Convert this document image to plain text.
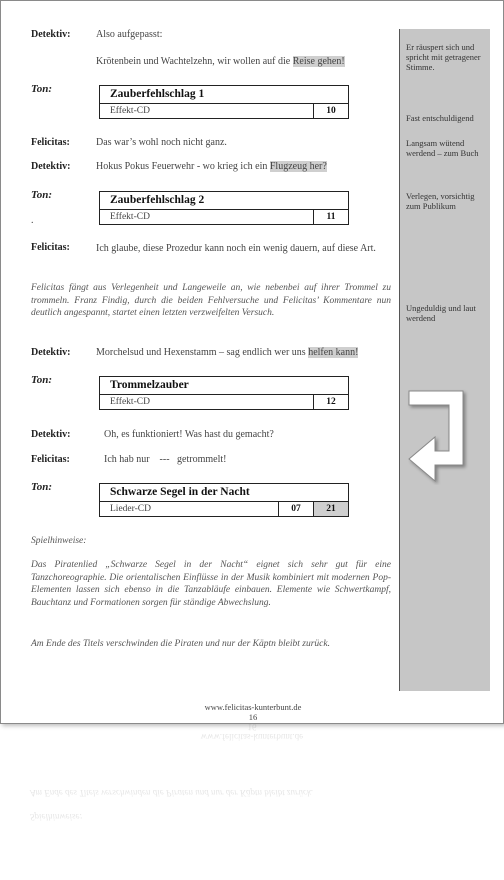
Er räuspert sich und spricht mit getragener Stimme.
Fast entschuldigend
Langsam wütend werdend – zum Buch
Verlegen, vorsichtig zum Publikum
Ungeduldig und laut werdend
Detektiv:	Also aufgepasst:
Krötenbein und Wachtelzehn, wir wollen auf die Reise gehen!
Ton:	Zauberfehlschlag 1
Effekt-CD	10
Felicitas:	Das war’s wohl noch nicht ganz.
Detektiv:	Hokus Pokus Feuerwehr - wo krieg ich ein Flugzeug her?
Ton:	Zauberfehlschlag 2
Effekt-CD	11
.
Felicitas:	Ich glaube, diese Prozedur kann noch ein wenig dauern, auf diese Art.
Felicitas fängt aus Verlegenheit und Langeweile an, wie nebenbei auf ihrer Trommel zu trommeln. Franz Findig, durch die beiden Fehlversuche und Felicitas’ Kommentare nun deutlich angespannt, startet einen letzten verzweifelten Versuch.
Detektiv:	Morchelsud und Hexenstamm – sag endlich wer uns helfen kann!
Ton:	Trommelzauber
Effekt-CD	12
Detektiv:	Oh, es funktioniert! Was hast du gemacht?
Felicitas:	Ich hab nur    ---   getrommelt!
Ton:	Schwarze Segel in der Nacht
Lieder-CD	07	21
Spielhinweise:
Das Piratenlied „Schwarze Segel in der Nacht“ eignet sich sehr gut für eine Tanzchoreographie. Die orientalischen Einflüsse in der Musik kombiniert mit modernen Pop-Elementen lassen sich ebenso in die Tanzabläufe einbauen. Elemente wie Schwertkampf, Bauchtanz und Formationen sorgen für ständige Abwechslung.
Am Ende des Titels verschwinden die Piraten und nur der Käptn bleibt zurück.
www.felicitas-kunterbunt.de
16
16
www.felicitas-kunterbunt.de
Am Ende des Titels verschwinden die Piraten und nur der Käptn bleibt zurück.
Spielhinweise:
